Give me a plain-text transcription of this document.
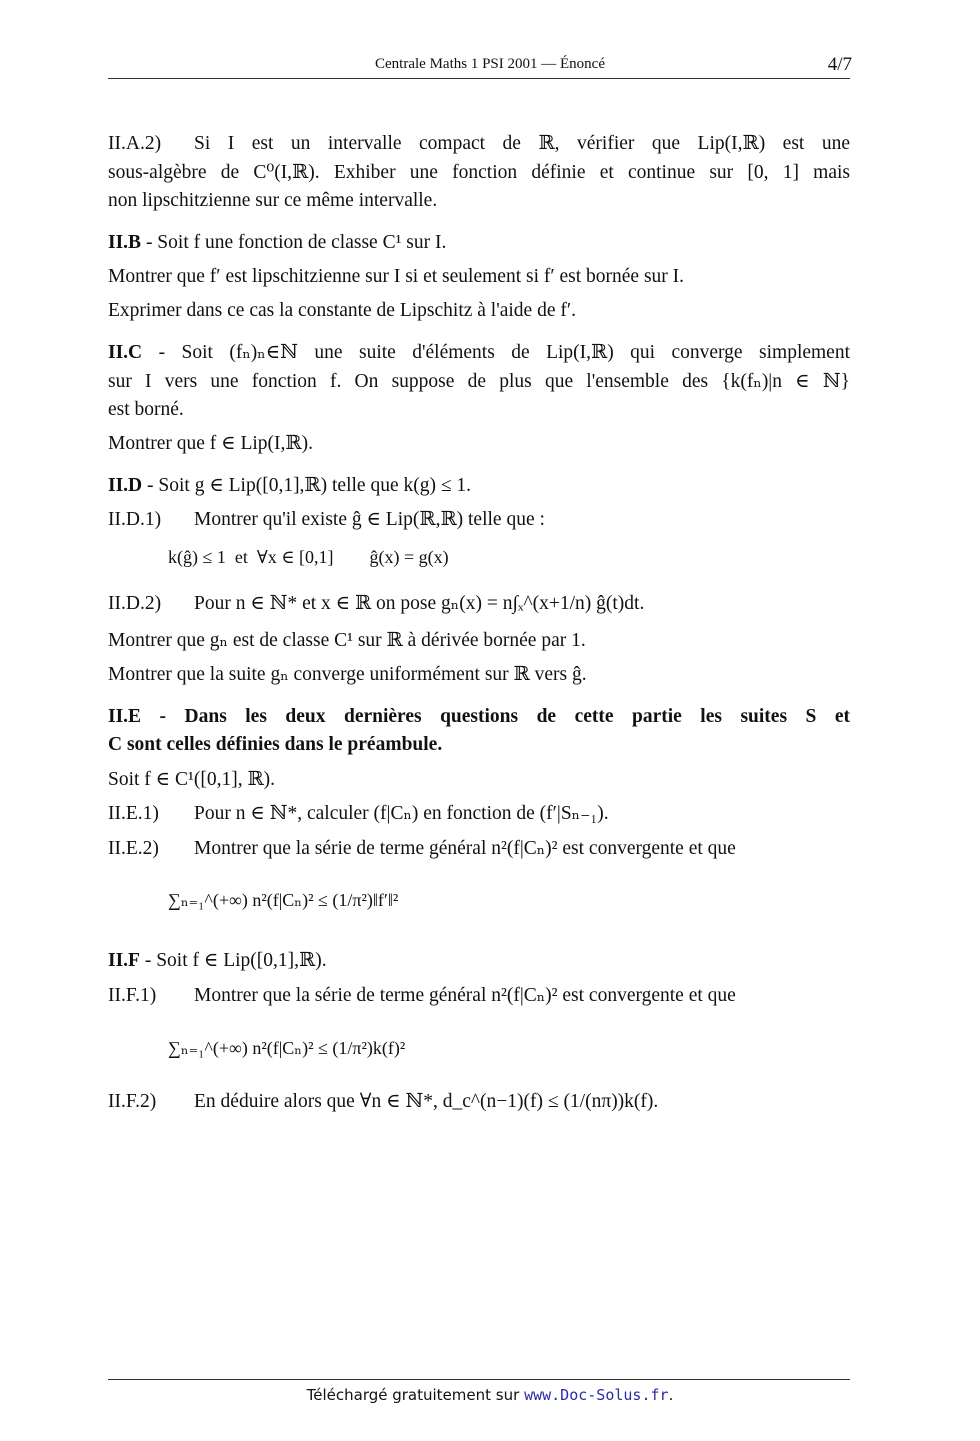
Centrale Maths 1 PSI 2001 — Énoncé	4/7
II.A.2) Si I est un intervalle compact de ℝ, vérifier que Lip(I,ℝ) est une
sous-algèbre de C⁰(I,ℝ). Exhiber une fonction définie et continue sur [0, 1] mais
non lipschitzienne sur ce même intervalle.
II.B - Soit f une fonction de classe C¹ sur I.
Montrer que f′ est lipschitzienne sur I si et seulement si f′ est bornée sur I.
Exprimer dans ce cas la constante de Lipschitz à l'aide de f′.
II.C - Soit (fₙ)ₙ∈ℕ une suite d'éléments de Lip(I,ℝ) qui converge simplement
sur I vers une fonction f. On suppose de plus que l'ensemble des {k(fₙ)|n ∈ ℕ}
est borné.
Montrer que f ∈ Lip(I,ℝ).
II.D - Soit g ∈ Lip([0,1],ℝ) telle que k(g) ≤ 1.
II.D.1) Montrer qu'il existe ĝ ∈ Lip(ℝ,ℝ) telle que :
k(ĝ) ≤ 1  et  ∀x ∈ [0,1]        ĝ(x) = g(x)
II.D.2) Pour n ∈ ℕ* et x ∈ ℝ on pose gₙ(x) = n∫ₓ^(x+1/n) ĝ(t)dt.
Montrer que gₙ est de classe C¹ sur ℝ à dérivée bornée par 1.
Montrer que la suite gₙ converge uniformément sur ℝ vers ĝ.
II.E - Dans les deux dernières questions de cette partie les suites S et
C sont celles définies dans le préambule.
Soit f ∈ C¹([0,1], ℝ).
II.E.1) Pour n ∈ ℕ*, calculer (f|Cₙ) en fonction de (f′|Sₙ₋₁).
II.E.2) Montrer que la série de terme général n²(f|Cₙ)² est convergente et que
∑ₙ₌₁^(+∞) n²(f|Cₙ)² ≤ (1/π²)‖f′‖²
II.F - Soit f ∈ Lip([0,1],ℝ).
II.F.1) Montrer que la série de terme général n²(f|Cₙ)² est convergente et que
∑ₙ₌₁^(+∞) n²(f|Cₙ)² ≤ (1/π²)k(f)²
II.F.2) En déduire alors que ∀n ∈ ℕ*, d_c^(n−1)(f) ≤ (1/(nπ))k(f).
Téléchargé gratuitement sur www.Doc-Solus.fr.
